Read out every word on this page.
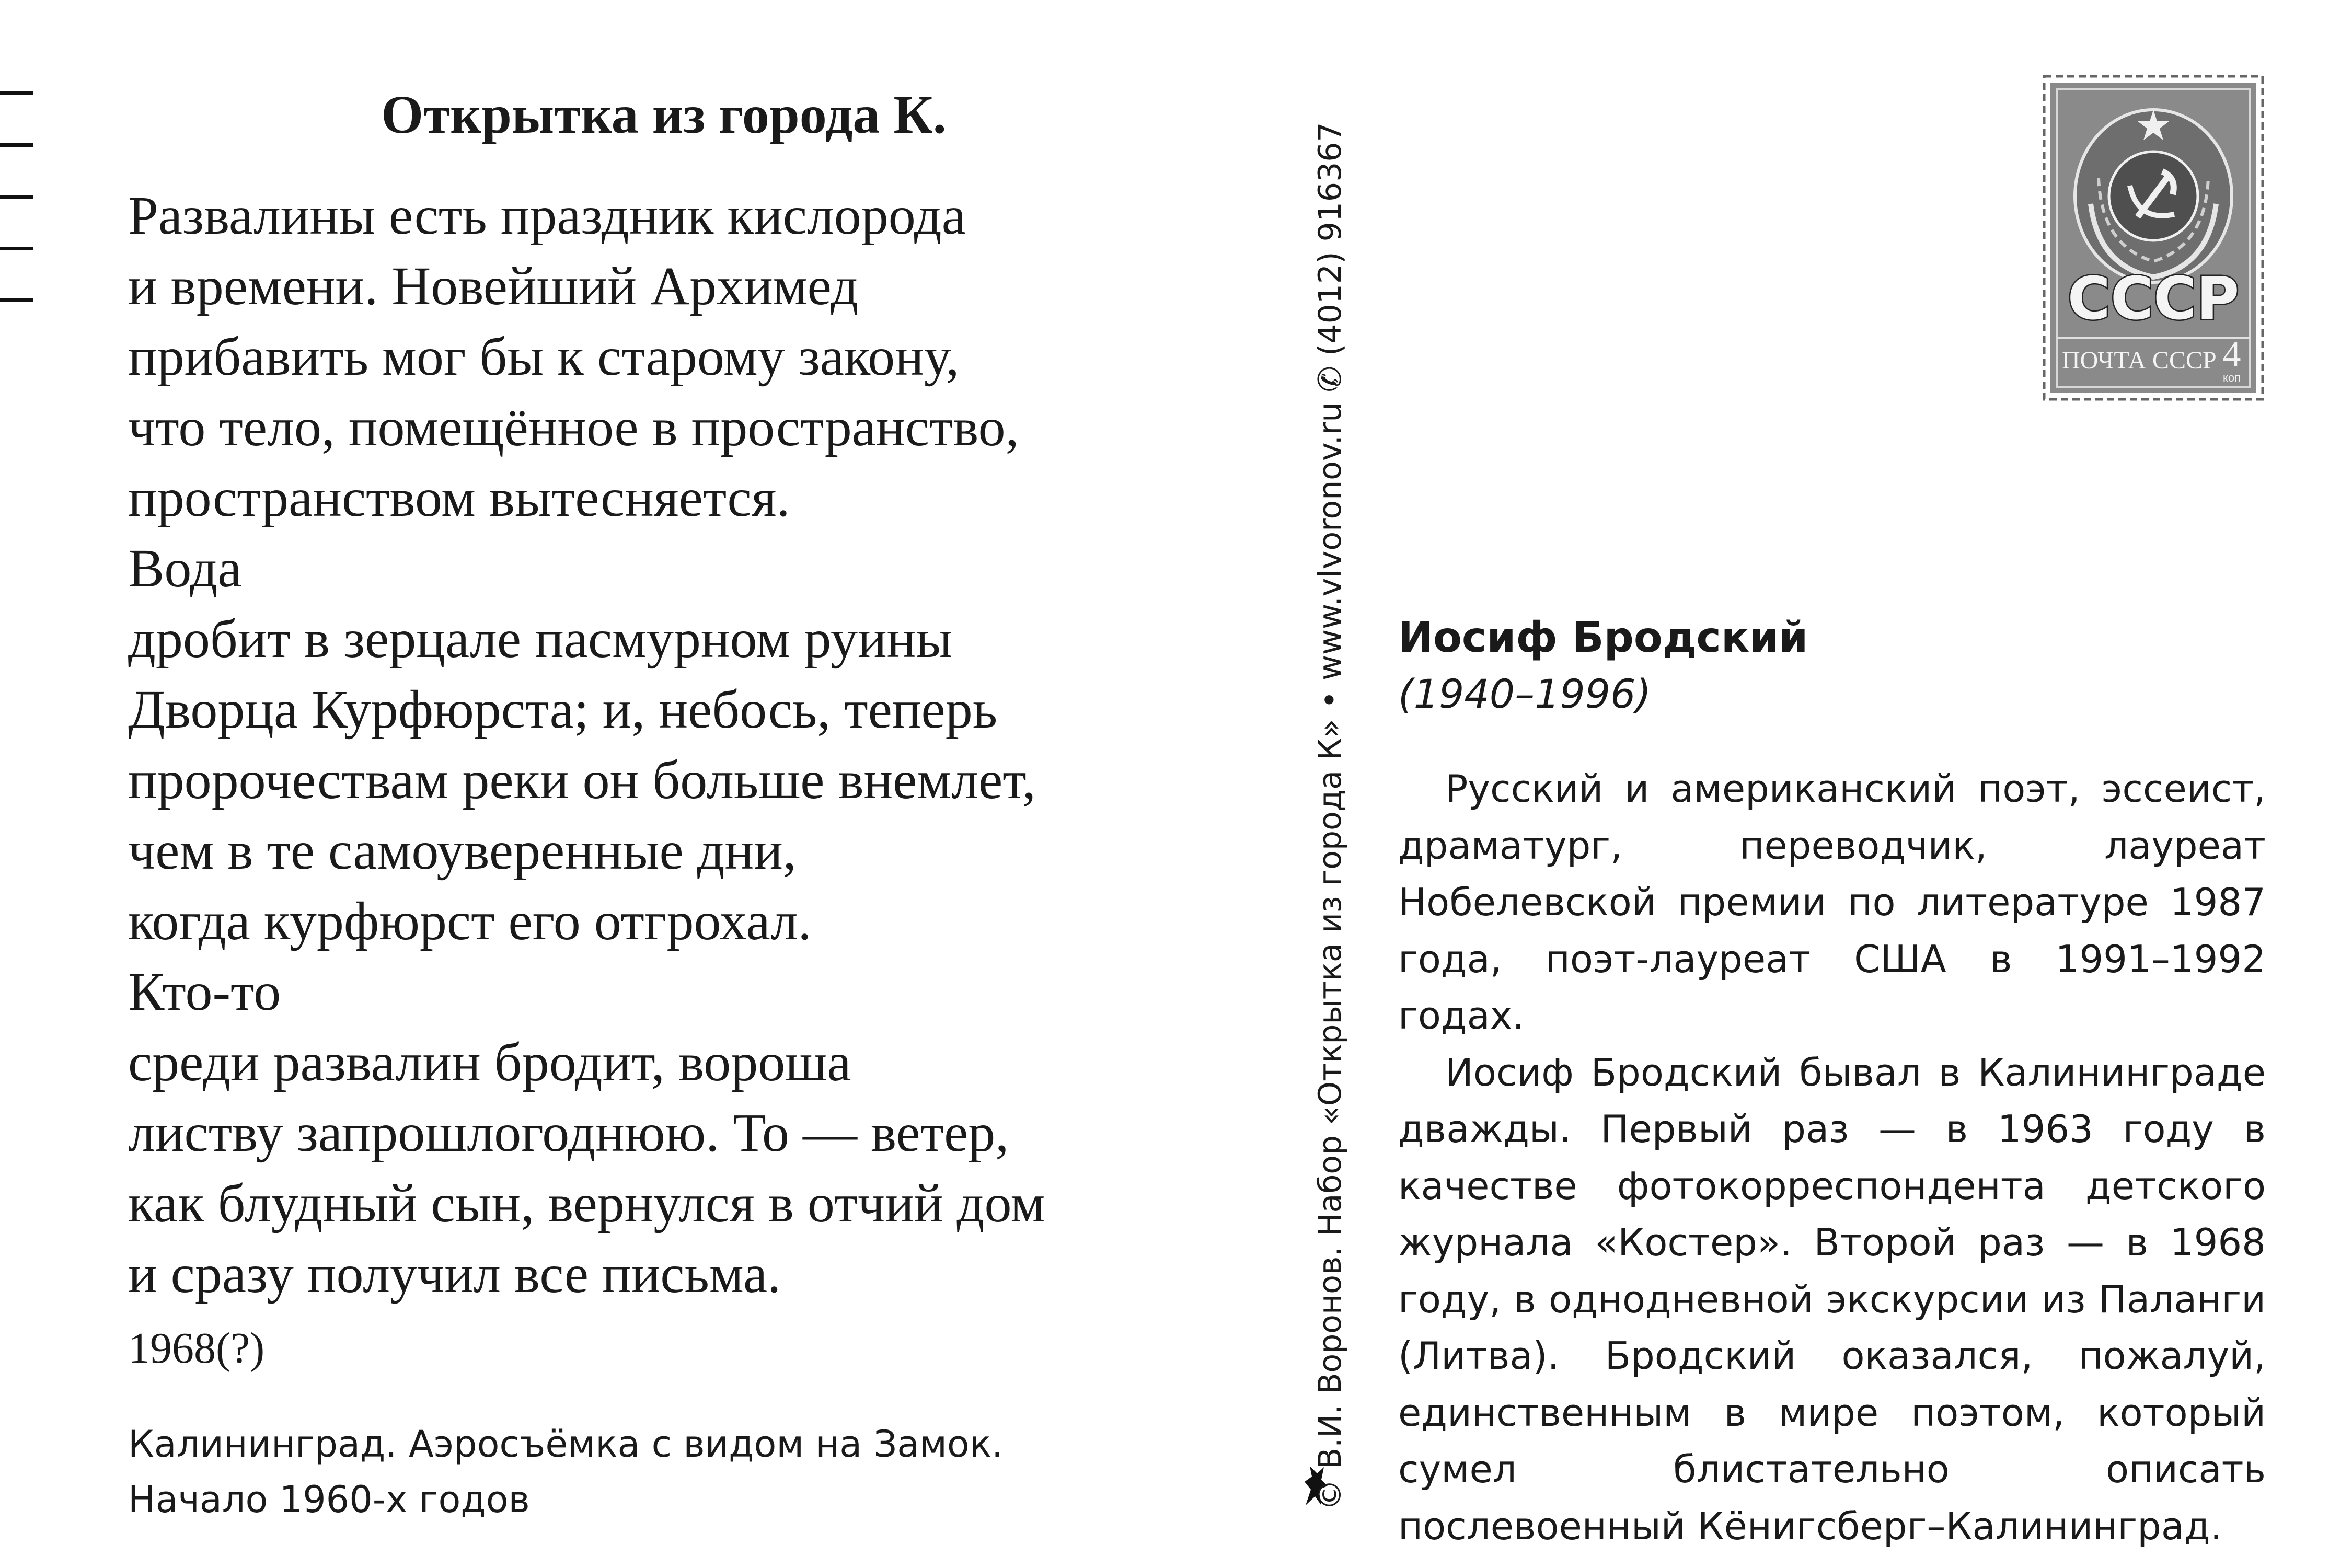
Открытка из города К.
Развалины есть праздник кислорода
и времени. Новейший Архимед
прибавить мог бы к старому закону,
что тело, помещённое в пространство,
пространством вытесняется.
Вода
дробит в зерцале пасмурном руины
Дворца Курфюрста; и, небось, теперь
пророчествам реки он больше внемлет,
чем в те самоуверенные дни,
когда курфюрст его отгрохал.
Кто-то
среди развалин бродит, вороша
листву запрошлогоднюю. То — ветер,
как блудный сын, вернулся в отчий дом
и сразу получил все письма.
1968(?)
Калининград. Аэросъёмка с видом на Замок.
Начало 1960-х годов	© В.И. Воронов. Набор «Открытка из города К» • www.vlvoronov.ru ✆ (4012) 916367	СССР
ПОЧТА СССР 4
коп
Иосиф Бродский
(1940–1996)

Русский и американский поэт, эссеист, драматург, переводчик, лауреат Нобелевской премии по литературе 1987 года, поэт-лауреат США в 1991–1992 годах.

Иосиф Бродский бывал в Калининграде дважды. Первый раз — в 1963 году в качестве фотокорреспондента детского журнала «Костер». Второй раз — в 1968 году, в однодневной экскурсии из Паланги (Литва). Бродский оказался, пожалуй, единственным в мире поэтом, который сумел блистательно описать послевоенный Кёнигсберг–Калининград.
